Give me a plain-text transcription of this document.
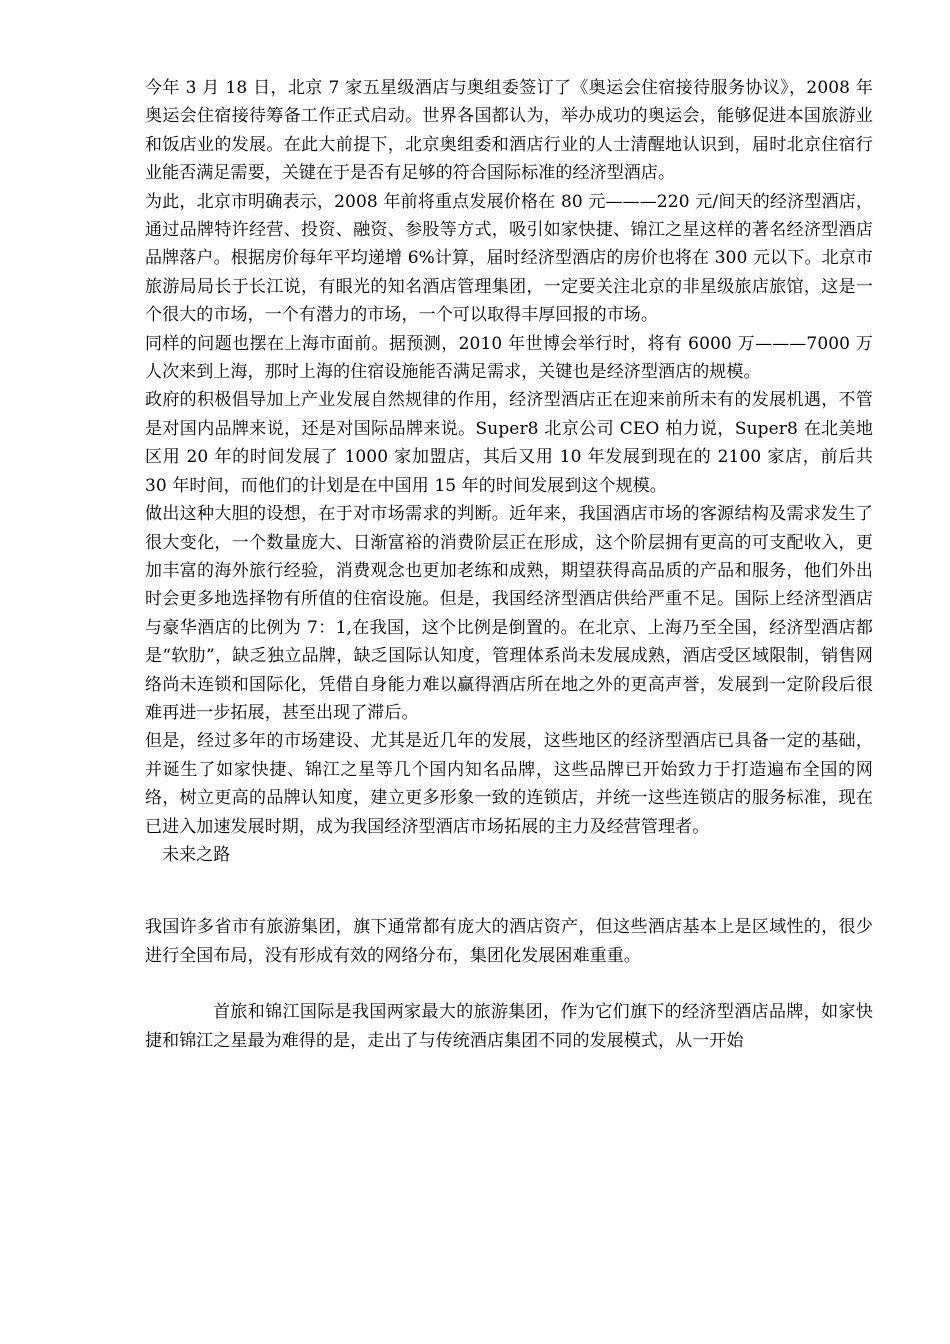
今年 3 月 18 日，北京 7 家五星级酒店与奥组委签订了《奥运会住宿接待服务协议》，2008 年奥运会住宿接待筹备工作正式启动。世界各国都认为，举办成功的奥运会，能够促进本国旅游业和饭店业的发展。在此大前提下，北京奥组委和酒店行业的人士清醒地认识到，届时北京住宿行业能否满足需要，关键在于是否有足够的符合国际标准的经济型酒店。

为此，北京市明确表示，2008 年前将重点发展价格在 80 元———220 元/间天的经济型酒店，通过品牌特许经营、投资、融资、参股等方式，吸引如家快捷、锦江之星这样的著名经济型酒店品牌落户。根据房价每年平均递增 6%计算，届时经济型酒店的房价也将在 300 元以下。北京市旅游局局长于长江说，有眼光的知名酒店管理集团，一定要关注北京的非星级旅店旅馆，这是一个很大的市场，一个有潜力的市场，一个可以取得丰厚回报的市场。

同样的问题也摆在上海市面前。据预测，2010 年世博会举行时，将有 6000 万———7000 万人次来到上海，那时上海的住宿设施能否满足需求，关键也是经济型酒店的规模。

政府的积极倡导加上产业发展自然规律的作用，经济型酒店正在迎来前所未有的发展机遇，不管是对国内品牌来说，还是对国际品牌来说。Super8 北京公司 CEO 柏力说，Super8 在北美地区用 20 年的时间发展了 1000 家加盟店，其后又用 10 年发展到现在的 2100 家店，前后共 30 年时间，而他们的计划是在中国用 15 年的时间发展到这个规模。

做出这种大胆的设想，在于对市场需求的判断。近年来，我国酒店市场的客源结构及需求发生了很大变化，一个数量庞大、日渐富裕的消费阶层正在形成，这个阶层拥有更高的可支配收入，更加丰富的海外旅行经验，消费观念也更加老练和成熟，期望获得高品质的产品和服务，他们外出时会更多地选择物有所值的住宿设施。但是，我国经济型酒店供给严重不足。国际上经济型酒店与豪华酒店的比例为 7：1,在我国，这个比例是倒置的。在北京、上海乃至全国，经济型酒店都是“软肋”，缺乏独立品牌，缺乏国际认知度，管理体系尚未发展成熟，酒店受区域限制，销售网络尚未连锁和国际化，凭借自身能力难以赢得酒店所在地之外的更高声誉，发展到一定阶段后很难再进一步拓展，甚至出现了滞后。

但是，经过多年的市场建设、尤其是近几年的发展，这些地区的经济型酒店已具备一定的基础，并诞生了如家快捷、锦江之星等几个国内知名品牌，这些品牌已开始致力于打造遍布全国的网络，树立更高的品牌认知度，建立更多形象一致的连锁店，并统一这些连锁店的服务标准，现在已进入加速发展时期，成为我国经济型酒店市场拓展的主力及经营管理者。

未来之路

我国许多省市有旅游集团，旗下通常都有庞大的酒店资产，但这些酒店基本上是区域性的，很少进行全国布局，没有形成有效的网络分布，集团化发展困难重重。

首旅和锦江国际是我国两家最大的旅游集团，作为它们旗下的经济型酒店品牌，如家快捷和锦江之星最为难得的是，走出了与传统酒店集团不同的发展模式，从一开始
